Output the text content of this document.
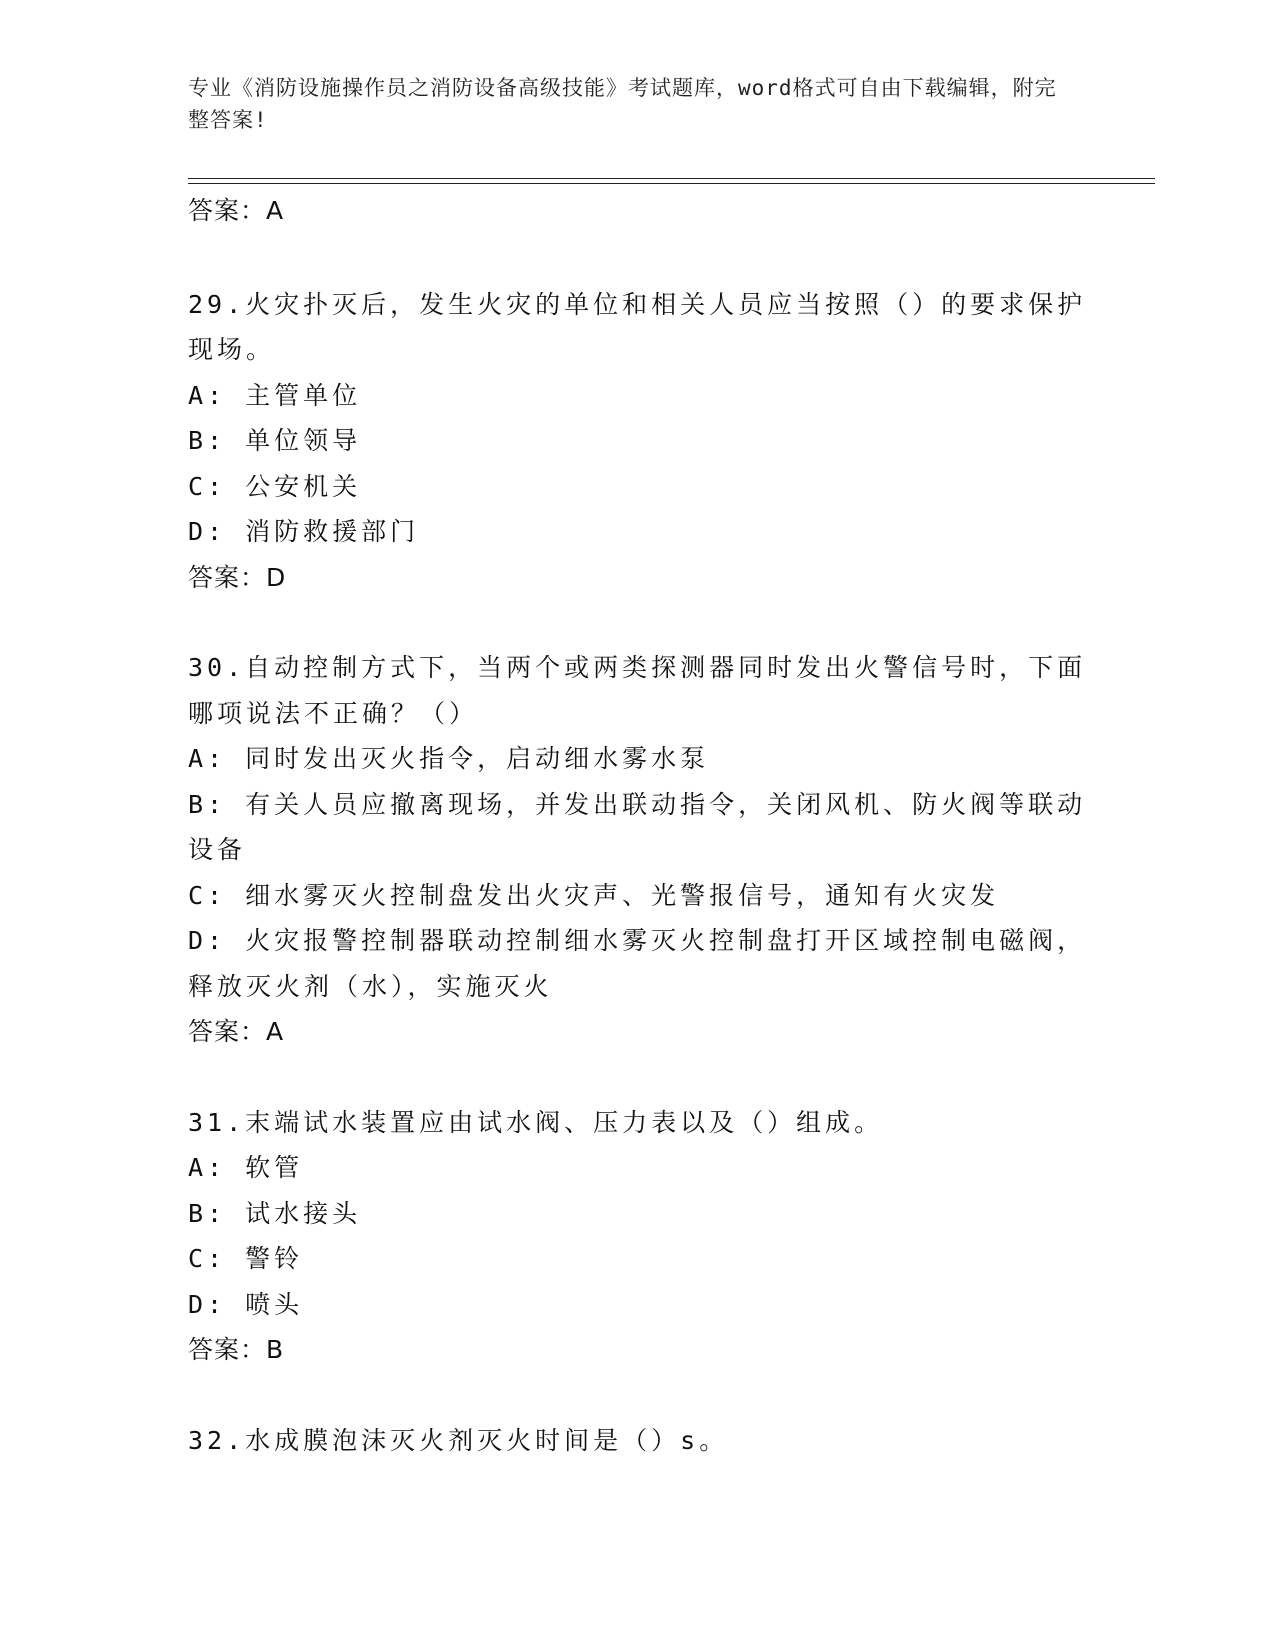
专业《消防设施操作员之消防设备高级技能》考试题库，word格式可自由下载编辑，附完整答案!
答案：A
29.火灾扑灭后，发生火灾的单位和相关人员应当按照（）的要求保护
现场。
A: 主管单位
B: 单位领导
C: 公安机关
D: 消防救援部门
答案：D
30.自动控制方式下，当两个或两类探测器同时发出火警信号时，下面
哪项说法不正确？（）
A: 同时发出灭火指令，启动细水雾水泵
B: 有关人员应撤离现场，并发出联动指令，关闭风机、防火阀等联动
设备
C: 细水雾灭火控制盘发出火灾声、光警报信号，通知有火灾发
D: 火灾报警控制器联动控制细水雾灭火控制盘打开区域控制电磁阀，
释放灭火剂（水），实施灭火
答案：A
31.末端试水装置应由试水阀、压力表以及（）组成。
A: 软管
B: 试水接头
C: 警铃
D: 喷头
答案：B
32.水成膜泡沫灭火剂灭火时间是（）s。
